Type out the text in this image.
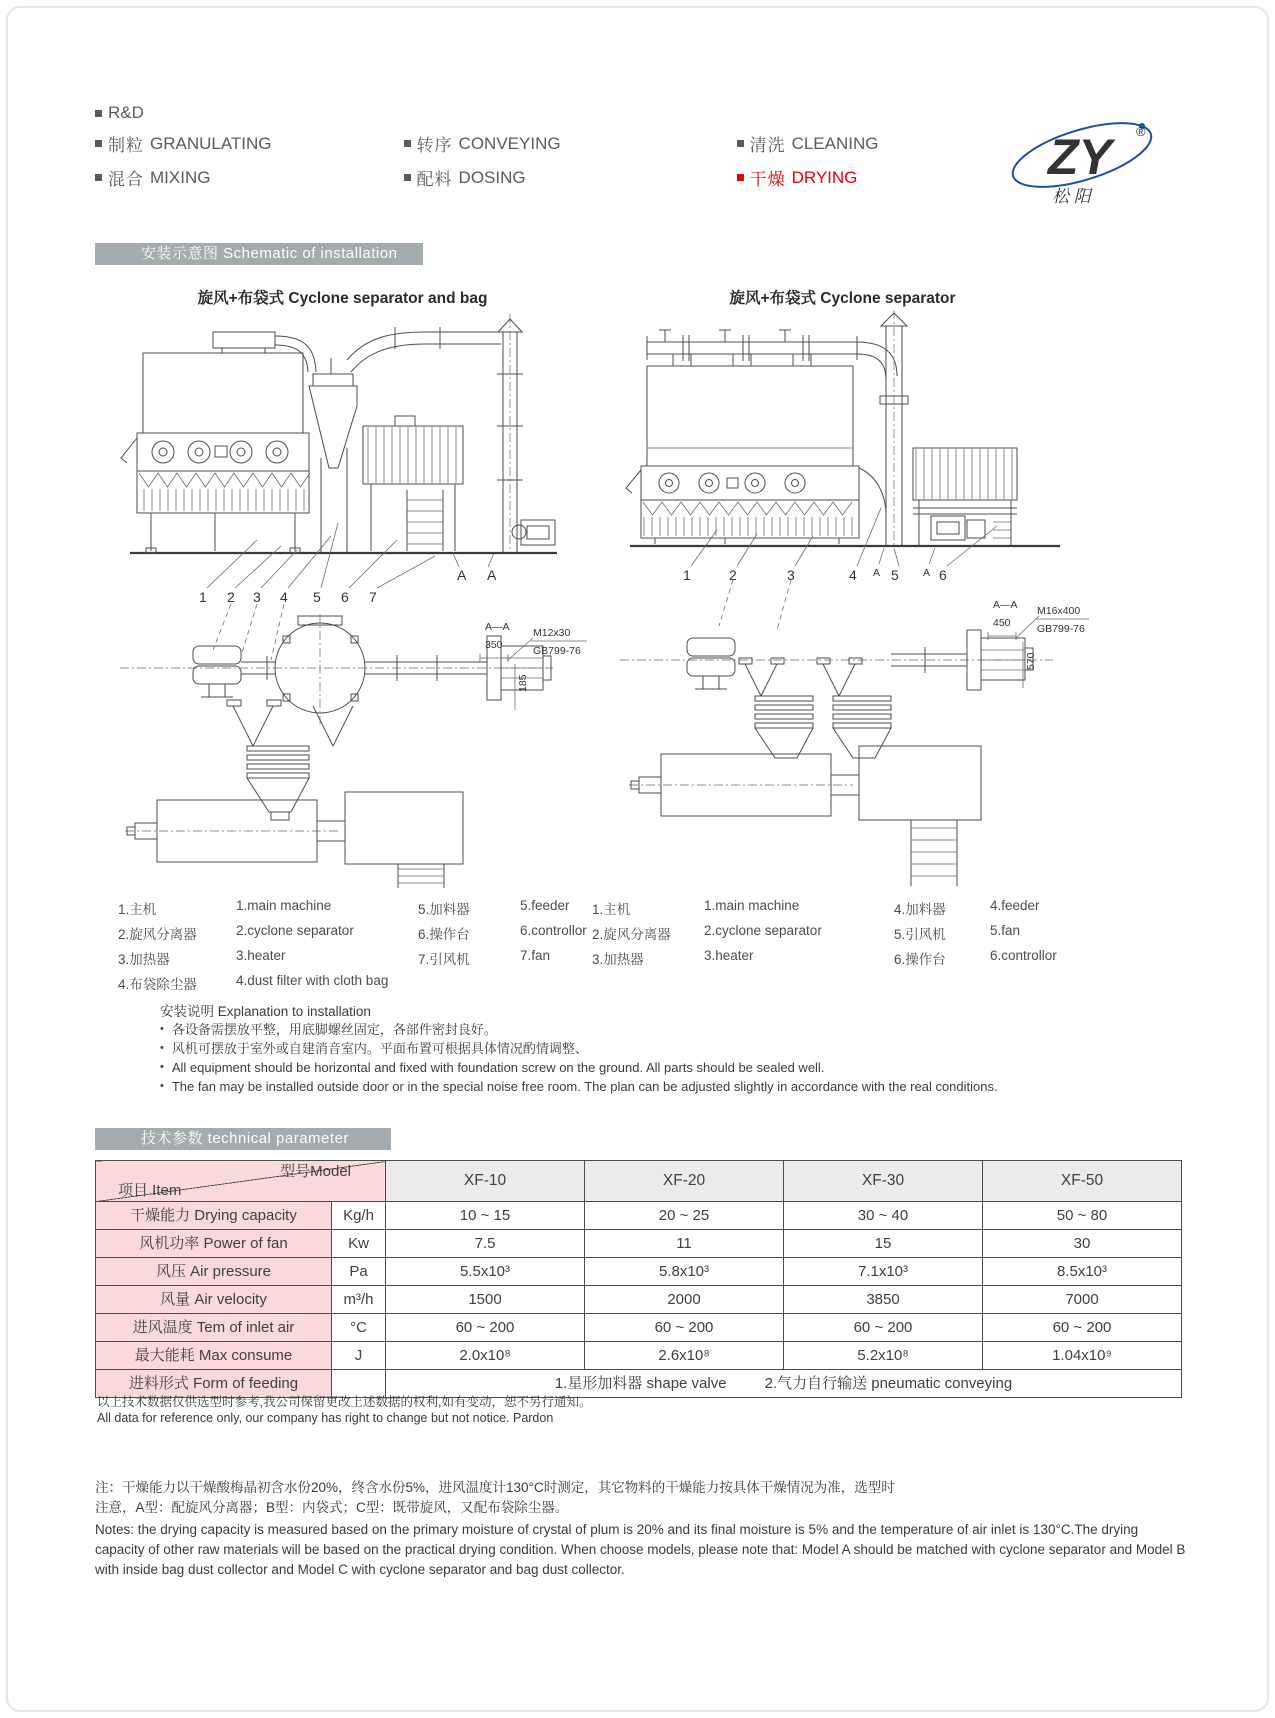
R&D
制粒 GRANULATING
混合 MIXING
转序 CONVEYING
配料 DOSING
清洗 CLEANING
干燥 DRYING	ZY	®
松 阳
安装示意图 Schematic of installation
旋风+布袋式 Cyclone separator and bag
A A
1 2 3 4 5 6 7
A—A
350
M12x30
GB799-76
185
旋风+布袋式 Cyclone separator
1	2	3	4 5	6
A	A
A—A
450
M16x400
GB799-76
570
1.主机	1.main machine	5.加料器	5.feeder
2.旋风分离器	2.cyclone separator	6.操作台	6.controllor
3.加热器	3.heater	7.引风机	7.fan
4.布袋除尘器	4.dust filter with cloth bag
1.主机	1.main machine	4.加料器	4.feeder
2.旋风分离器	2.cyclone separator	5.引风机	5.fan
3.加热器	3.heater	6.操作台	6.controllor
安装说明 Explanation to installation
• 各设备需摆放平整，用底脚螺丝固定，各部件密封良好。
• 风机可摆放于室外或自建消音室内。平面布置可根据具体情况酌情调整、
• All equipment should be horizontal and fixed with foundation screw on the ground. All parts should be sealed well.
• The fan may be installed outside door or in the special noise free room. The plan can be adjusted slightly in accordance with the real conditions.
技术参数 technical parameter
项目 Item
型号Model		XF-10	XF-20	XF-30	XF-50
干燥能力 Drying capacity	Kg/h	10 ~ 15	20 ~ 25	30 ~ 40	50 ~ 80
风机功率 Power of fan	Kw	7.5	11	15	30
风压 Air pressure	Pa	5.5x10³	5.8x10³	7.1x10³	8.5x10³
风量 Air velocity	m³/h	1500	2000	3850	7000
进风温度 Tem of inlet air	°C	60 ~ 200	60 ~ 200	60 ~ 200	60 ~ 200
最大能耗 Max consume	J	2.0x10⁸	2.6x10⁸	5.2x10⁸	1.04x10⁹
进料形式 Form of feeding		1.星形加料器 shape valve 2.气力自行输送 pneumatic conveying			
以上技术数据仅供选型时参考,我公司保留更改上述数据的权利,如有变动，恕不另行通知。
All data for reference only, our company has right to change but not notice. Pardon
注：干燥能力以干燥酸梅晶初含水份20%，终含水份5%，进风温度计130°C时测定，其它物料的干燥能力按具体干燥情况为准，选型时
注意，A型：配旋风分离器；B型：内袋式；C型：既带旋风，又配布袋除尘器。
Notes: the drying capacity is measured based on the primary moisture of crystal of plum is 20% and its final moisture is 5% and the temperature of air inlet is 130°C.The drying capacity of other raw materials will be based on the practical drying condition. When choose models, please note that: Model A should be matched with cyclone separator and Model B with inside bag dust collector and Model C with cyclone separator and bag dust collector.
